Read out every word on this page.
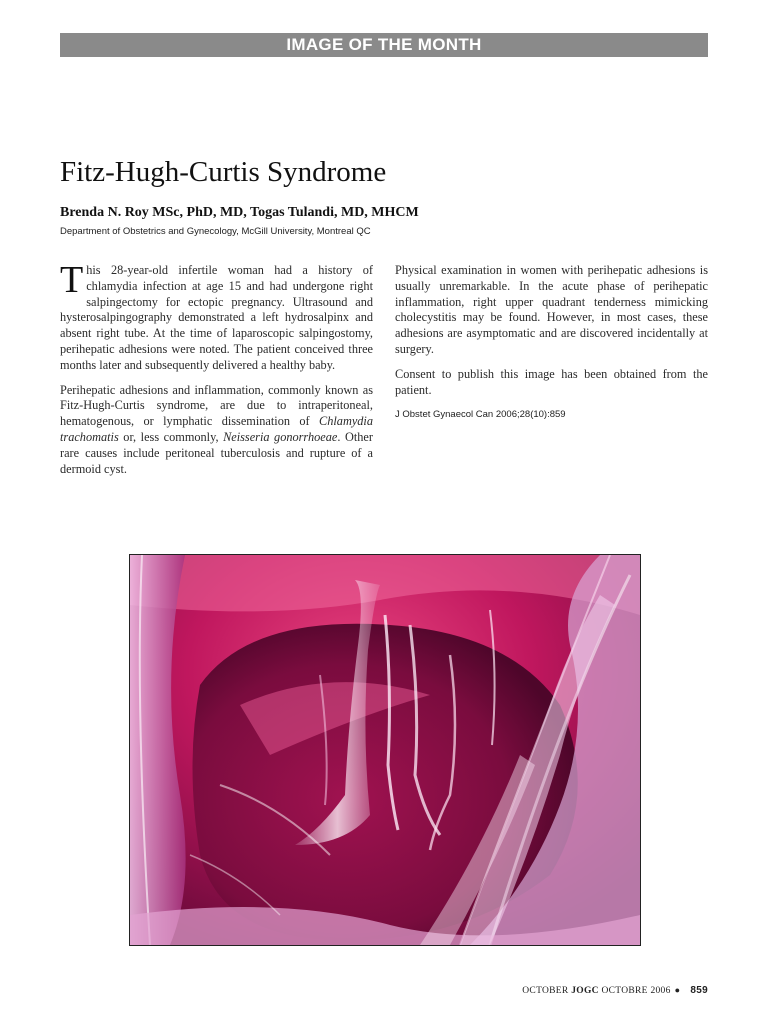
IMAGE OF THE MONTH
Fitz-Hugh-Curtis Syndrome
Brenda N. Roy MSc, PhD, MD, Togas Tulandi, MD, MHCM
Department of Obstetrics and Gynecology, McGill University, Montreal QC

This 28-year-old infertile woman had a history of chlamydia infection at age 15 and had undergone right salpingectomy for ectopic pregnancy. Ultrasound and hysterosalpingography demonstrated a left hydrosalpinx and absent right tube. At the time of laparoscopic salpingostomy, perihepatic adhesions were noted. The patient conceived three months later and subsequently delivered a healthy baby.

Perihepatic adhesions and inflammation, commonly known as Fitz-Hugh-Curtis syndrome, are due to intraperitoneal, hematogenous, or lymphatic dissemination of Chlamydia trachomatis or, less commonly, Neisseria gonorrhoeae. Other rare causes include peritoneal tuberculosis and rupture of a dermoid cyst.

Physical examination in women with perihepatic adhesions is usually unremarkable. In the acute phase of perihepatic inflammation, right upper quadrant tenderness mimicking cholecystitis may be found. However, in most cases, these adhesions are asymptomatic and are discovered incidentally at surgery.

Consent to publish this image has been obtained from the patient.

J Obstet Gynaecol Can 2006;28(10):859
OCTOBER JOGC OCTOBRE 2006 ● 859
